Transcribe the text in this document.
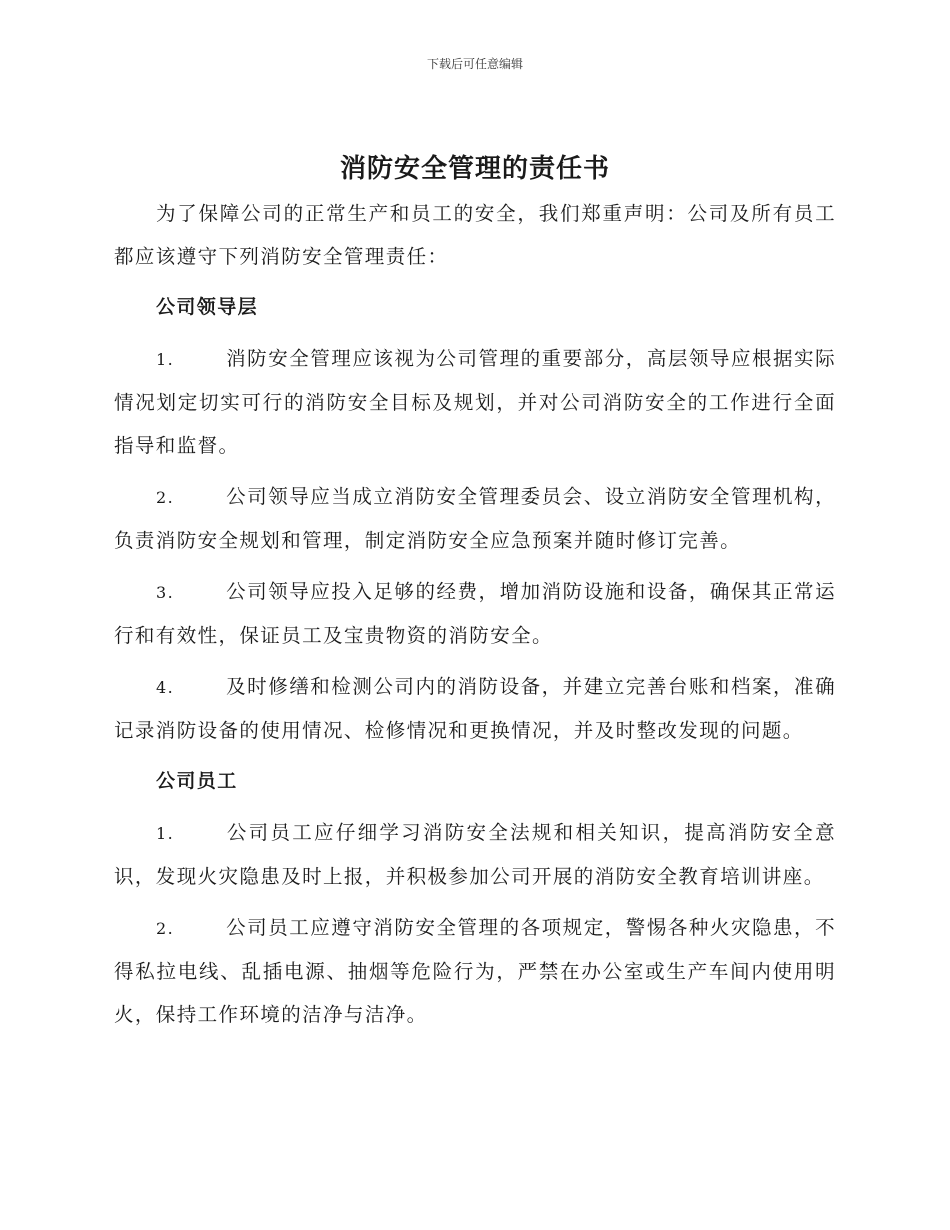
下载后可任意编辑
消防安全管理的责任书

为了保障公司的正常生产和员工的安全，我们郑重声明：公司及所有员工都应该遵守下列消防安全管理责任：

公司领导层

1.	消防安全管理应该视为公司管理的重要部分，高层领导应根据实际情况划定切实可行的消防安全目标及规划，并对公司消防安全的工作进行全面指导和监督。

2.	公司领导应当成立消防安全管理委员会、设立消防安全管理机构，负责消防安全规划和管理，制定消防安全应急预案并随时修订完善。

3.	公司领导应投入足够的经费，增加消防设施和设备，确保其正常运行和有效性，保证员工及宝贵物资的消防安全。

4.	及时修缮和检测公司内的消防设备，并建立完善台账和档案，准确记录消防设备的使用情况、检修情况和更换情况，并及时整改发现的问题。

公司员工

1.	公司员工应仔细学习消防安全法规和相关知识，提高消防安全意识，发现火灾隐患及时上报，并积极参加公司开展的消防安全教育培训讲座。

2.	公司员工应遵守消防安全管理的各项规定，警惕各种火灾隐患，不得私拉电线、乱插电源、抽烟等危险行为，严禁在办公室或生产车间内使用明火，保持工作环境的洁净与洁净。
